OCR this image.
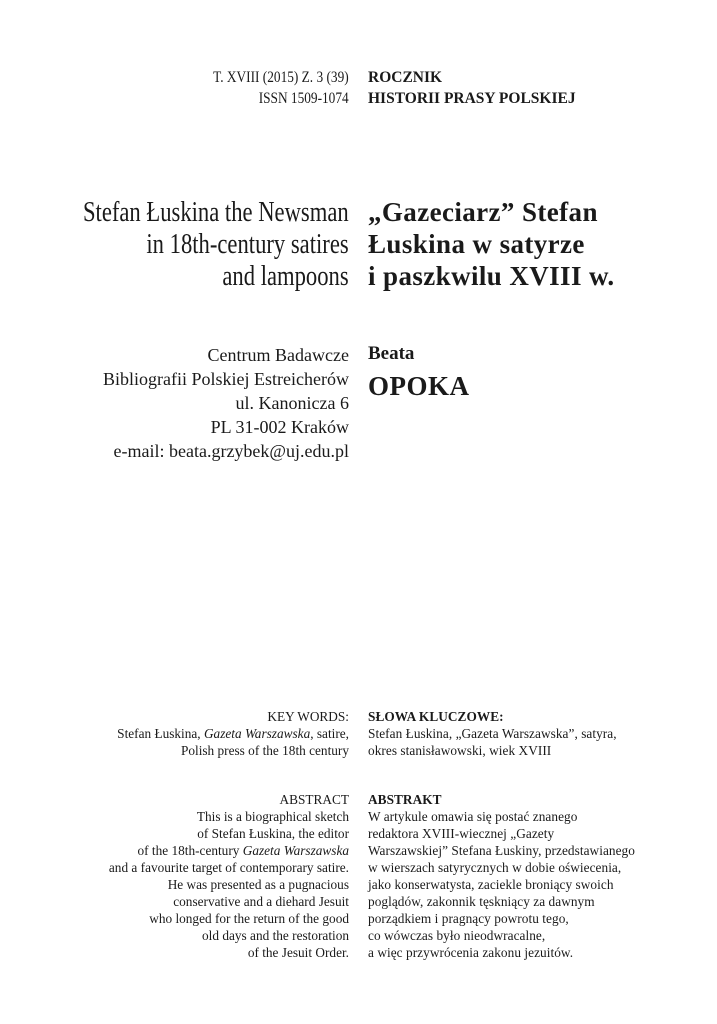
T. XVIII (2015) Z. 3 (39)
ISSN 1509-1074
ROCZNIK
HISTORII PRASY POLSKIEJ
Stefan Łuskina the Newsman
in 18th-century satires
and lampoons
„Gazeciarz” Stefan
Łuskina w satyrze
i paszkwilu XVIII w.
Centrum Badawcze
Bibliografii Polskiej Estreicherów
ul. Kanonicza 6
PL 31-002 Kraków
e-mail: beata.grzybek@uj.edu.pl
Beata
OPOKA
KEY WORDS:
Stefan Łuskina, Gazeta Warszawska, satire,
Polish press of the 18th century
SŁOWA KLUCZOWE:
Stefan Łuskina, „Gazeta Warszawska”, satyra,
okres stanisławowski, wiek XVIII
ABSTRACT
This is a biographical sketch
of Stefan Łuskina, the editor
of the 18th-century Gazeta Warszawska
and a favourite target of contemporary satire.
He was presented as a pugnacious
conservative and a diehard Jesuit
who longed for the return of the good
old days and the restoration
of the Jesuit Order.
ABSTRAKT
W artykule omawia się postać znanego
redaktora XVIII-wiecznej „Gazety
Warszawskiej” Stefana Łuskiny, przedstawianego
w wierszach satyrycznych w dobie oświecenia,
jako konserwatysta, zaciekle broniący swoich
poglądów, zakonnik tęskniący za dawnym
porządkiem i pragnący powrotu tego,
co wówczas było nieodwracalne,
a więc przywrócenia zakonu jezuitów.
